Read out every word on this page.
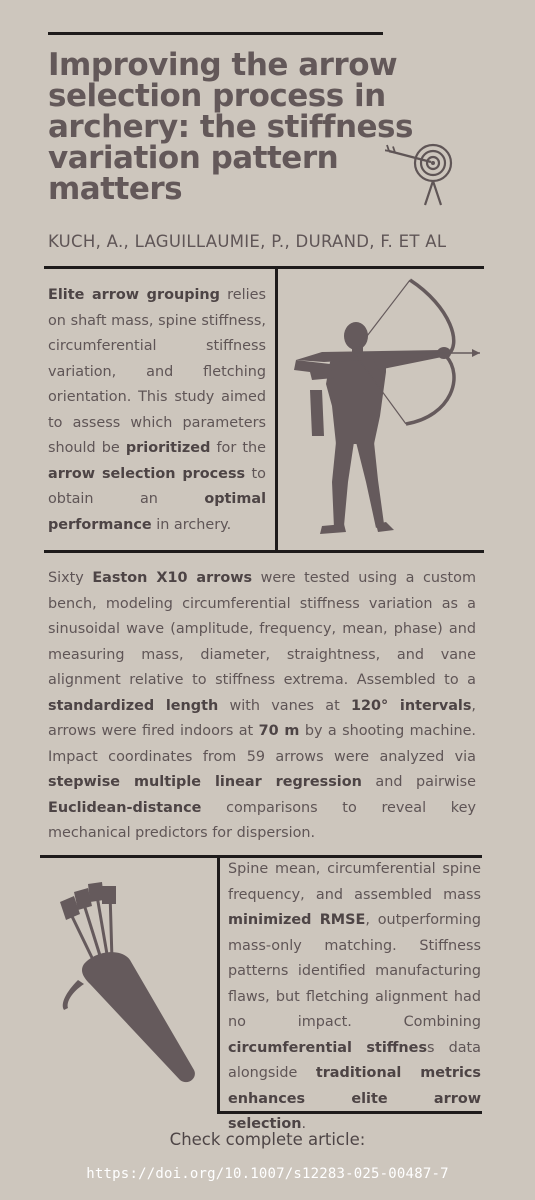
Improving the arrow selection process in archery: the stiffness variation pattern matters
KUCH, A., LAGUILLAUMIE, P., DURAND, F. ET AL

Elite arrow grouping relies on shaft mass, spine stiffness, circumferential stiffness variation, and fletching orientation. This study aimed to assess which parameters should be prioritized for the arrow selection process to obtain an optimal performance in archery.

Sixty Easton X10 arrows were tested using a custom bench, modeling circumferential stiffness variation as a sinusoidal wave (amplitude, frequency, mean, phase) and measuring mass, diameter, straightness, and vane alignment relative to stiffness extrema. Assembled to a standardized length with vanes at 120° intervals, arrows were fired indoors at 70 m by a shooting machine. Impact coordinates from 59 arrows were analyzed via stepwise multiple linear regression and pairwise Euclidean-distance comparisons to reveal key mechanical predictors for dispersion.

Spine mean, circumferential spine frequency, and assembled mass minimized RMSE, outperforming mass-only matching. Stiffness patterns identified manufacturing flaws, but fletching alignment had no impact. Combining circumferential stiffness data alongside traditional metrics enhances elite arrow selection.

Check complete article:
https://doi.org/10.1007/s12283-025-00487-7
